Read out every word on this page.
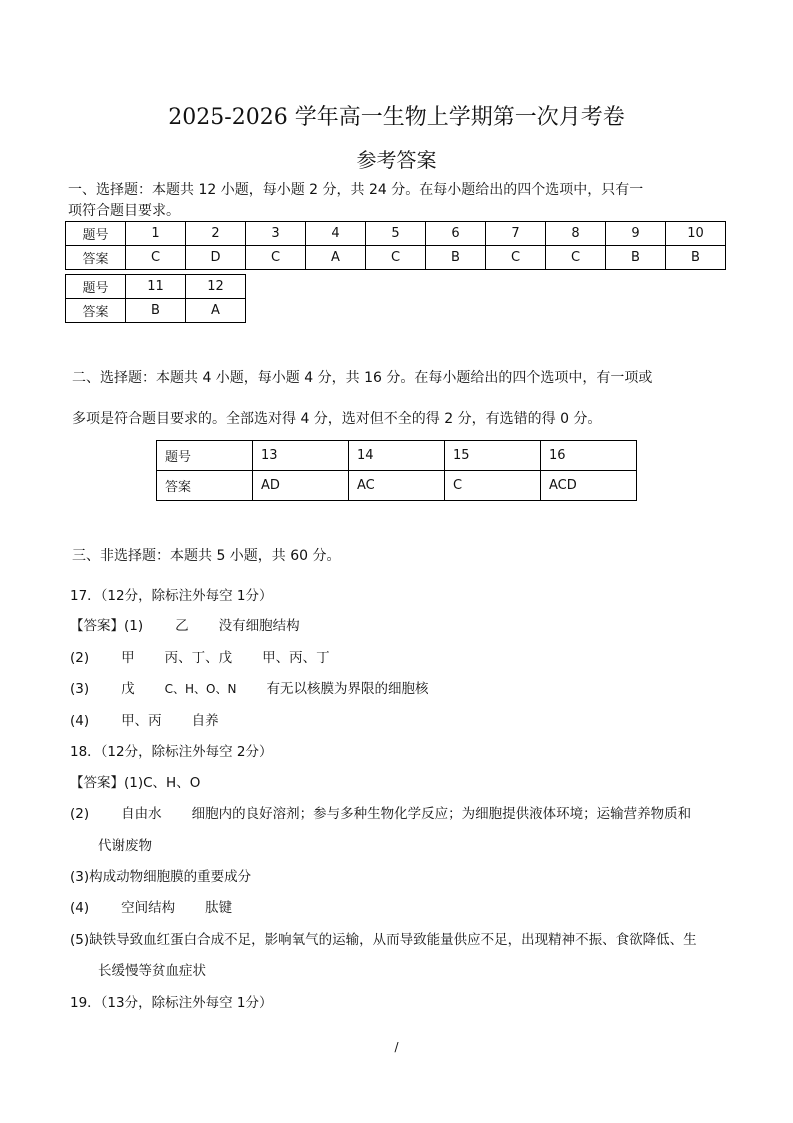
2025-2026 学年高一生物上学期第一次月考卷
参考答案
一、选择题：本题共 12 小题，每小题 2 分，共 24 分。在每小题给出的四个选项中，只有一
项符合题目要求。
题号	1	2	3	4	5	6	7	8	9	10
答案	C	D	C	A	C	B	C	C	B	B
题号	11	12
答案	B	A
二、选择题：本题共 4 小题，每小题 4 分，共 16 分。在每小题给出的四个选项中，有一项或
多项是符合题目要求的。全部选对得 4 分，选对但不全的得 2 分，有选错的得 0 分。
题号	13	14	15	16
答案	AD	AC	C	ACD
三、非选择题：本题共 5 小题，共 60 分。
17．（12分，除标注外每空 1分）
【答案】(1) 乙 没有细胞结构
(2) 甲 丙、丁、戊 甲、丙、丁
(3) 戊	C、H、O、N 有无以核膜为界限的细胞核
(4) 甲、丙 自养
18．（12分，除标注外每空 2分）
【答案】(1)C、H、O
(2) 自由水 细胞内的良好溶剂；参与多种生物化学反应；为细胞提供液体环境；运输营养物质和
代谢废物
(3)构成动物细胞膜的重要成分
(4) 空间结构 肽键
(5)缺铁导致血红蛋白合成不足，影响氧气的运输，从而导致能量供应不足，出现精神不振、食欲降低、生
长缓慢等贫血症状
19．（13分，除标注外每空 1分）
/
